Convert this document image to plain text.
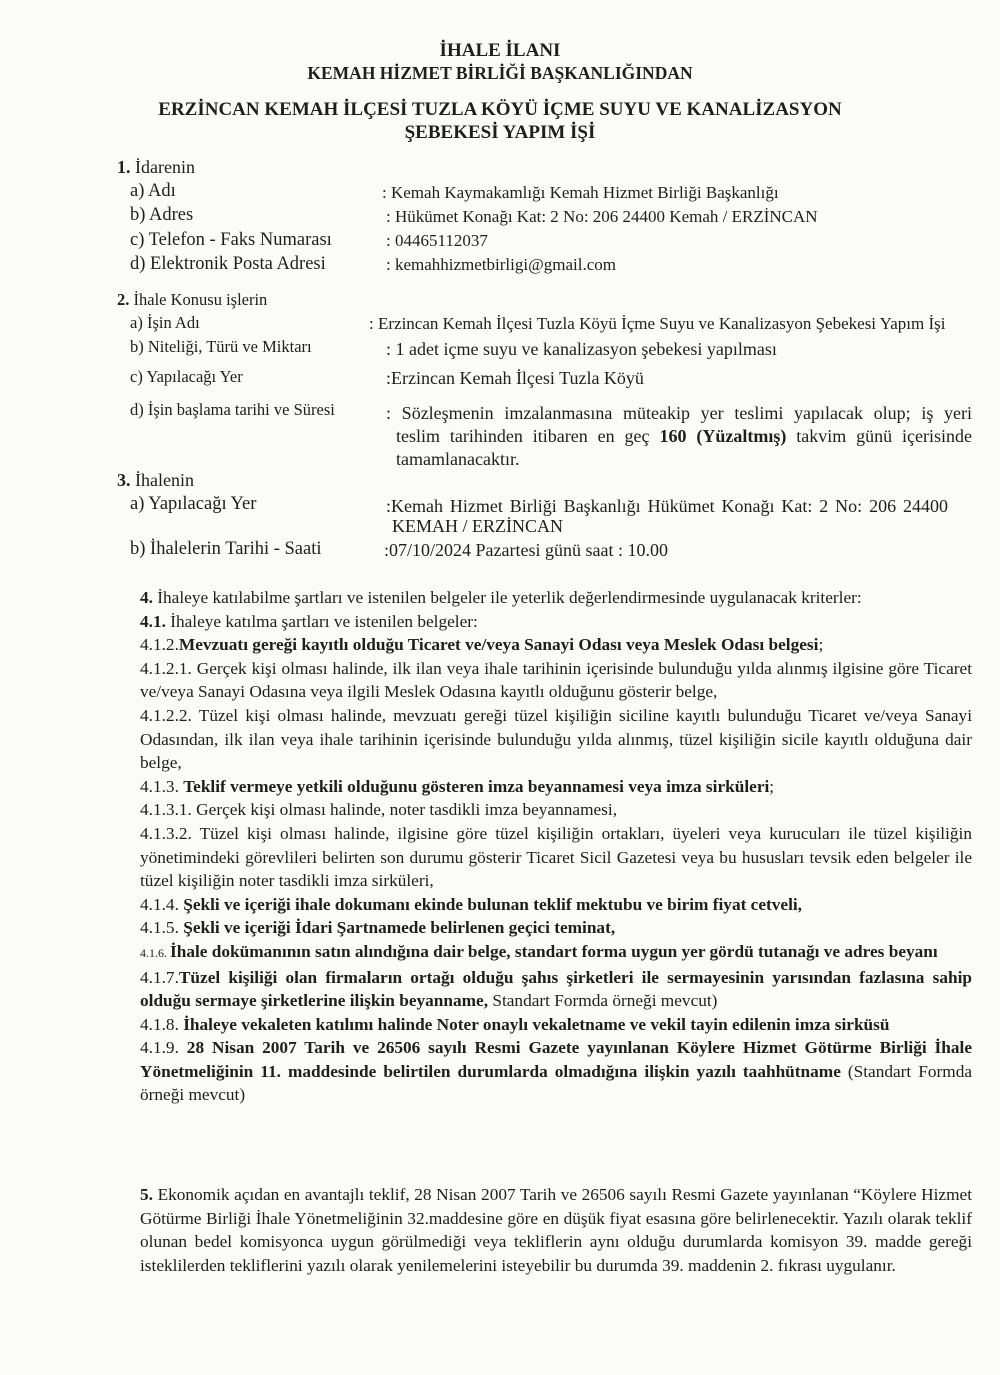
İHALE İLANI
KEMAH HİZMET BİRLİĞİ BAŞKANLIĞINDAN
ERZİNCAN KEMAH İLÇESİ TUZLA KÖYÜ İÇME SUYU VE KANALİZASYON
ŞEBEKESİ YAPIM İŞİ
1. İdarenin
a) Adı	: Kemah Kaymakamlığı Kemah Hizmet Birliği Başkanlığı
b) Adres	: Hükümet Konağı Kat: 2 No: 206 24400 Kemah / ERZİNCAN
c) Telefon - Faks Numarası	: 04465112037
d) Elektronik Posta Adresi	: kemahhizmetbirligi@gmail.com
2. İhale Konusu işlerin
a) İşin Adı	: Erzincan Kemah İlçesi Tuzla Köyü İçme Suyu ve Kanalizasyon Şebekesi Yapım İşi
b) Niteliği, Türü ve Miktarı	: 1 adet içme suyu ve kanalizasyon şebekesi yapılması
c) Yapılacağı Yer	:Erzincan Kemah İlçesi Tuzla Köyü
d) İşin başlama tarihi ve Süresi	: Sözleşmenin imzalanmasına müteakip yer teslimi yapılacak olup; iş yeri
teslim tarihinden itibaren en geç 160 (Yüzaltmış) takvim günü içerisinde
tamamlanacaktır.
3. İhalenin
a) Yapılacağı Yer	:Kemah Hizmet Birliği Başkanlığı Hükümet Konağı Kat: 2 No: 206 24400
KEMAH / ERZİNCAN
b) İhalelerin Tarihi - Saati	:07/10/2024 Pazartesi günü saat : 10.00

4. İhaleye katılabilme şartları ve istenilen belgeler ile yeterlik değerlendirmesinde uygulanacak kriterler:

4.1. İhaleye katılma şartları ve istenilen belgeler:

4.1.2.Mevzuatı gereği kayıtlı olduğu Ticaret ve/veya Sanayi Odası veya Meslek Odası belgesi;

4.1.2.1. Gerçek kişi olması halinde, ilk ilan veya ihale tarihinin içerisinde bulunduğu yılda alınmış ilgisine göre Ticaret ve/veya Sanayi Odasına veya ilgili Meslek Odasına kayıtlı olduğunu gösterir belge,

4.1.2.2. Tüzel kişi olması halinde, mevzuatı gereği tüzel kişiliğin siciline kayıtlı bulunduğu Ticaret ve/veya Sanayi Odasından, ilk ilan veya ihale tarihinin içerisinde bulunduğu yılda alınmış, tüzel kişiliğin sicile kayıtlı olduğuna dair belge,

4.1.3. Teklif vermeye yetkili olduğunu gösteren imza beyannamesi veya imza sirküleri;

4.1.3.1. Gerçek kişi olması halinde, noter tasdikli imza beyannamesi,

4.1.3.2. Tüzel kişi olması halinde, ilgisine göre tüzel kişiliğin ortakları, üyeleri veya kurucuları ile tüzel kişiliğin yönetimindeki görevlileri belirten son durumu gösterir Ticaret Sicil Gazetesi veya bu hususları tevsik eden belgeler ile tüzel kişiliğin noter tasdikli imza sirküleri,

4.1.4. Şekli ve içeriği ihale dokumanı ekinde bulunan teklif mektubu ve birim fiyat cetveli,

4.1.5. Şekli ve içeriği İdari Şartnamede belirlenen geçici teminat,

4.1.6. İhale dokümanının satın alındığına dair belge, standart forma uygun yer gördü tutanağı ve adres beyanı

4.1.7.Tüzel kişiliği olan firmaların ortağı olduğu şahıs şirketleri ile sermayesinin yarısından fazlasına sahip olduğu sermaye şirketlerine ilişkin beyanname, Standart Formda örneği mevcut)

4.1.8. İhaleye vekaleten katılımı halinde Noter onaylı vekaletname ve vekil tayin edilenin imza sirküsü

4.1.9. 28 Nisan 2007 Tarih ve 26506 sayılı Resmi Gazete yayınlanan Köylere Hizmet Götürme Birliği İhale Yönetmeliğinin 11. maddesinde belirtilen durumlarda olmadığına ilişkin yazılı taahhütname (Standart Formda örneği mevcut)

5. Ekonomik açıdan en avantajlı teklif, 28 Nisan 2007 Tarih ve 26506 sayılı Resmi Gazete yayınlanan “Köylere Hizmet Götürme Birliği İhale Yönetmeliğinin 32.maddesine göre en düşük fiyat esasına göre belirlenecektir. Yazılı olarak teklif olunan bedel komisyonca uygun görülmediği veya tekliflerin aynı olduğu durumlarda komisyon 39. madde gereği isteklilerden tekliflerini yazılı olarak yenilemelerini isteyebilir bu durumda 39. maddenin 2. fıkrası uygulanır.
